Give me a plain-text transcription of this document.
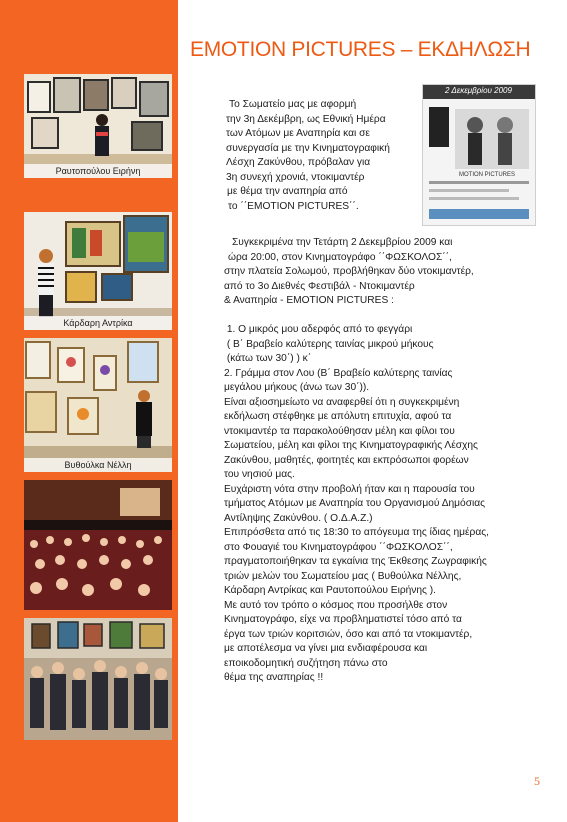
EMOTION PICTURES – ΕΚΔΗΛΩΣΗ
Ραυτοπούλου Ειρήνη
Κάρδαρη Αντρίκα
Βυθούλκα Νέλλη
2 Δεκεμβρίου 2009
MOTION PICTURES
Το Σωματείο μας με αφορμή
την 3η Δεκέμβρη, ως Εθνική Ημέρα
των Ατόμων με Αναπηρία και σε
συνεργασία με την Κινηματογραφική
Λέσχη Ζακύνθου, πρόβαλαν για
3η συνεχή χρονιά, ντοκιμαντέρ
με θέμα την αναπηρία από
το ΄΄EMOTION PICTURES΄΄.
Συγκεκριμένα την Τετάρτη 2 Δεκεμβρίου 2009 και
ώρα 20:00, στον Κινηματογράφο ΄΄ΦΩΣΚΟΛΟΣ΄΄,
στην πλατεία Σολωμού, προβλήθηκαν δύο ντοκιμαντέρ,
από το 3ο Διεθνές Φεστιβάλ - Ντοκιμαντέρ
& Αναπηρία - EMOTION PICTURES :

1. Ο μικρός μου αδερφός από το φεγγάρι
( Β΄ Βραβείο καλύτερης ταινίας μικρού μήκους
(κάτω των 30΄) ) κ΄
2. Γράμμα στον Λου (Β΄ Βραβείο καλύτερης ταινίας
μεγάλου μήκους (άνω των 30΄)).
Είναι αξιοσημείωτο να αναφερθεί ότι η συγκεκριμένη
εκδήλωση στέφθηκε με απόλυτη επιτυχία, αφού τα
ντοκιμαντέρ τα παρακολούθησαν μέλη και φίλοι του
Σωματείου, μέλη και φίλοι της Κινηματογραφικής Λέσχης
Ζακύνθου, μαθητές, φοιτητές και εκπρόσωποι φορέων
του νησιού μας.
Ευχάριστη νότα στην προβολή ήταν και η παρουσία του
τμήματος Ατόμων με Αναπηρία του Οργανισμού Δημόσιας
Αντίληψης Ζακύνθου. ( Ο.Δ.Α.Ζ.)
Επιπρόσθετα από τις 18:30 το απόγευμα της ίδιας ημέρας,
στο Φουαγιέ του Κινηματογράφου ΄΄ΦΩΣΚΟΛΟΣ΄΄,
πραγματοποιήθηκαν τα εγκαίνια της Έκθεσης Ζωγραφικής
τριών μελών του Σωματείου μας ( Βυθούλκα Νέλλης,
Κάρδαρη Αντρίκας και Ραυτοπούλου Ειρήνης ).
Με αυτό τον τρόπο ο κόσμος που προσήλθε στον
Κινηματογράφο, είχε να προβληματιστεί τόσο από τα
έργα των τριών κοριτσιών, όσο και από τα ντοκιμαντέρ,
με αποτέλεσμα να γίνει μια ενδιαφέρουσα και
εποικοδομητική συζήτηση πάνω στο
θέμα της αναπηρίας !!
5
